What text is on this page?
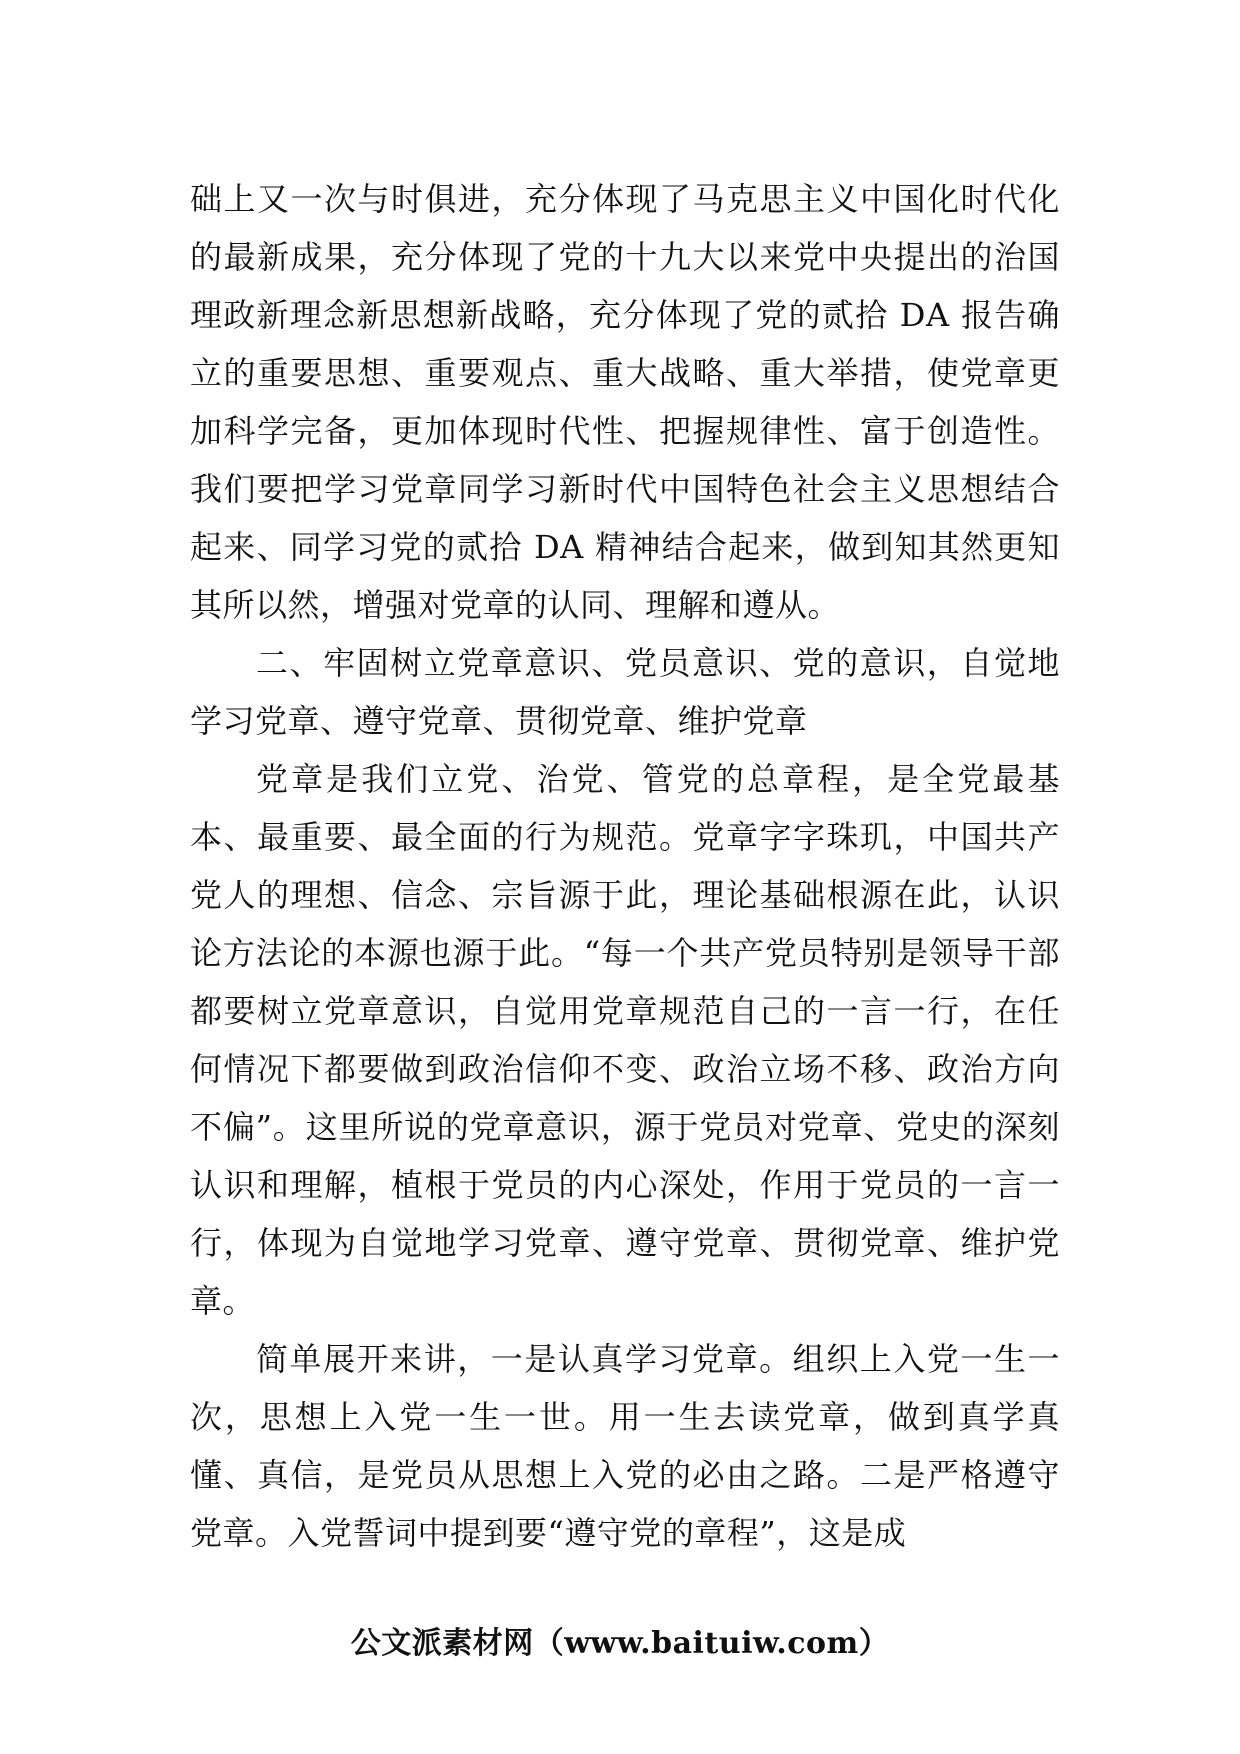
础上又一次与时俱进，充分体现了马克思主义中国化时代化的最新成果，充分体现了党的十九大以来党中央提出的治国理政新理念新思想新战略，充分体现了党的贰拾 DA 报告确立的重要思想、重要观点、重大战略、重大举措，使党章更加科学完备，更加体现时代性、把握规律性、富于创造性。我们要把学习党章同学习新时代中国特色社会主义思想结合起来、同学习党的贰拾 DA 精神结合起来，做到知其然更知其所以然，增强对党章的认同、理解和遵从。

二、牢固树立党章意识、党员意识、党的意识，自觉地学习党章、遵守党章、贯彻党章、维护党章

党章是我们立党、治党、管党的总章程，是全党最基本、最重要、最全面的行为规范。党章字字珠玑，中国共产党人的理想、信念、宗旨源于此，理论基础根源在此，认识论方法论的本源也源于此。“每一个共产党员特别是领导干部都要树立党章意识，自觉用党章规范自己的一言一行，在任何情况下都要做到政治信仰不变、政治立场不移、政治方向不偏”。这里所说的党章意识，源于党员对党章、党史的深刻认识和理解，植根于党员的内心深处，作用于党员的一言一行，体现为自觉地学习党章、遵守党章、贯彻党章、维护党章。

简单展开来讲，一是认真学习党章。组织上入党一生一次，思想上入党一生一世。用一生去读党章，做到真学真懂、真信，是党员从思想上入党的必由之路。二是严格遵守党章。入党誓词中提到要“遵守党的章程”，这是成

公文派素材网（www.baituiw.com）
